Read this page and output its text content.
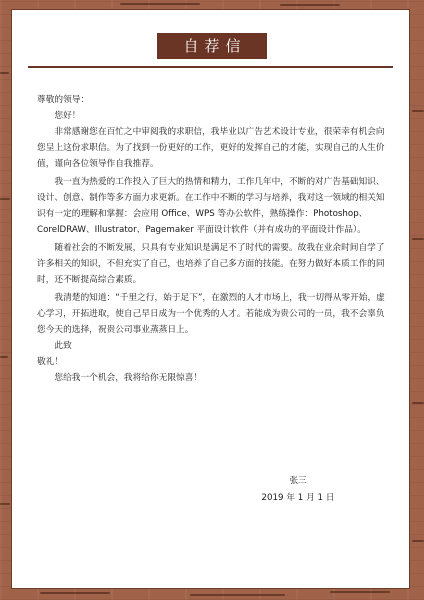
自荐信

尊敬的领导：

您好！

非常感谢您在百忙之中审阅我的求职信，我毕业以广告艺术设计专业，很荣幸有机会向您呈上这份求职信。为了找到一份更好的工作，更好的发挥自己的才能，实现自己的人生价值，谨向各位领导作自我推荐。

我一直为热爱的工作投入了巨大的热情和精力，工作几年中，不断的对广告基础知识、设计、创意、制作等多方面力求更新。在工作中不断的学习与培养，我对这一领域的相关知识有一定的理解和掌握：会应用 Office、WPS 等办公软件，熟练操作：Photoshop、CorelDRAW、Illustrator、Pagemaker 平面设计软件（并有成功的平面设计作品）。

随着社会的不断发展，只具有专业知识是满足不了时代的需要。故我在业余时间自学了许多相关的知识，不但充实了自己，也培养了自己多方面的技能。在努力做好本质工作的同时，还不断提高综合素质。

我清楚的知道：“千里之行，始于足下”，在激烈的人才市场上，我一切得从零开始，虚心学习，开拓进取，使自己早日成为一个优秀的人才。若能成为贵公司的一员，我不会辜负您今天的选择，祝贵公司事业蒸蒸日上。

此致

敬礼！

您给我一个机会，我将给你无限惊喜！

张三
2019 年 1 月 1 日
